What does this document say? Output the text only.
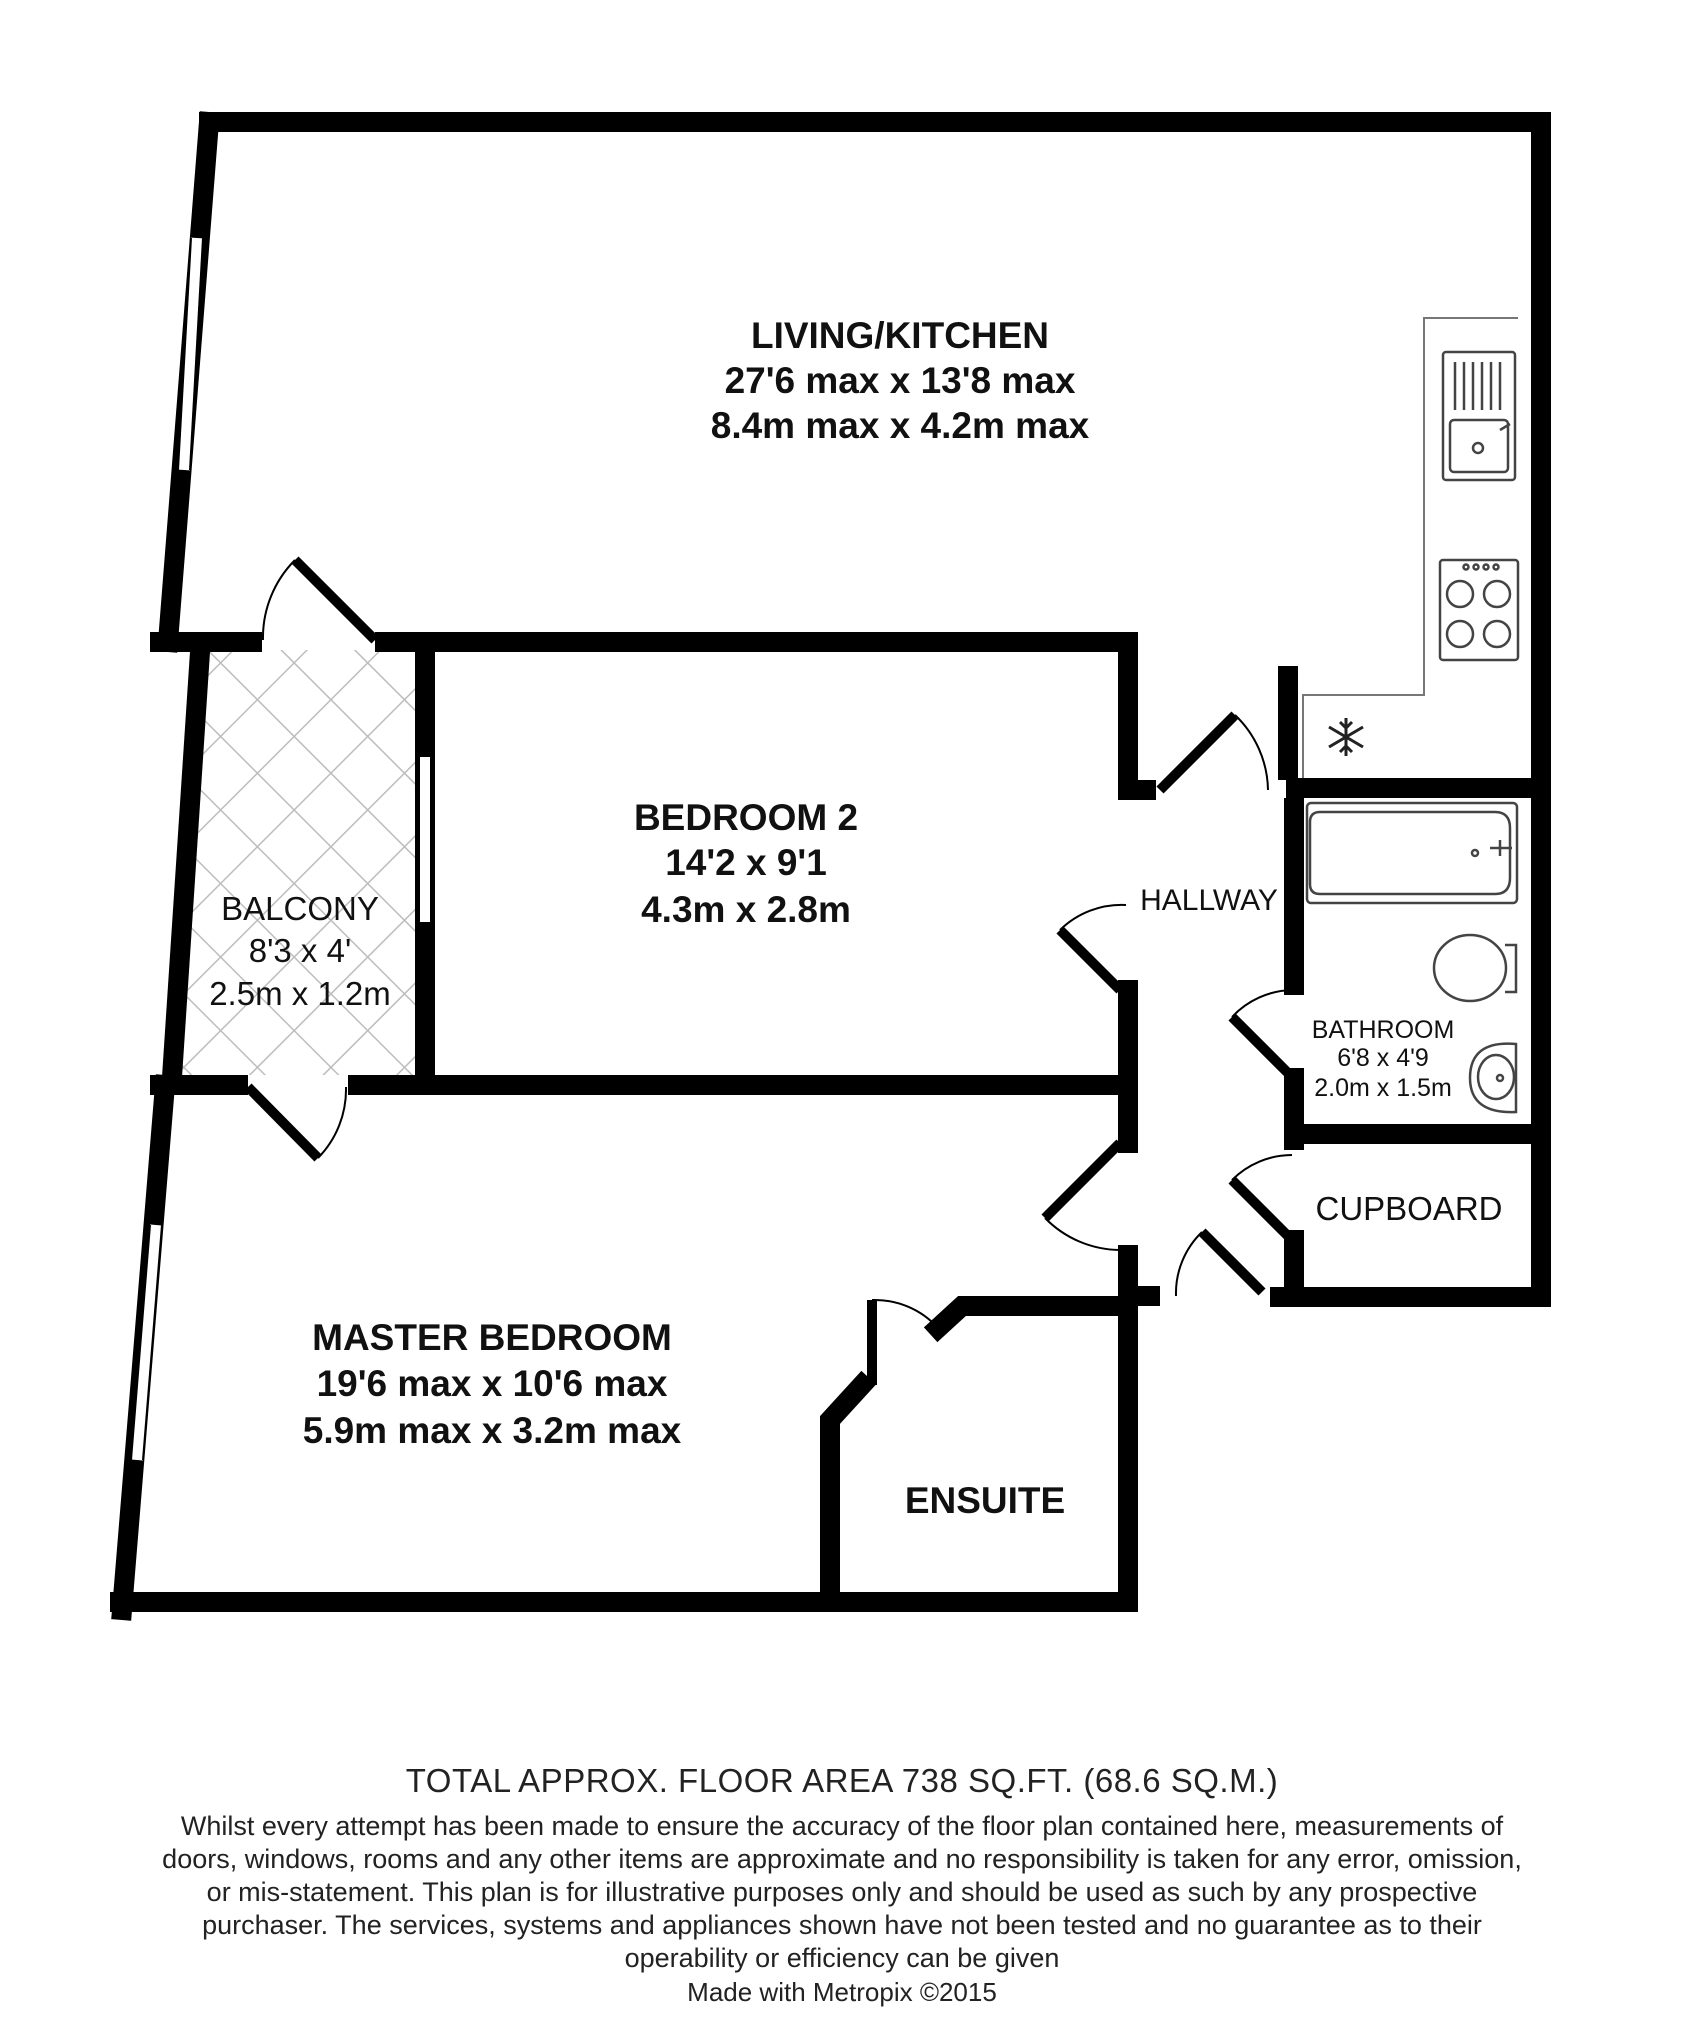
LIVING/KITCHEN
27'6 max x 13'8 max
8.4m max x 4.2m max
BEDROOM 2
14'2 x 9'1
4.3m x 2.8m
BALCONY
8'3 x 4'
2.5m x 1.2m
HALLWAY
BATHROOM
6'8 x 4'9
2.0m x 1.5m
CUPBOARD
MASTER BEDROOM
19'6 max x 10'6 max
5.9m max x 3.2m max
ENSUITE
TOTAL APPROX. FLOOR AREA 738 SQ.FT. (68.6 SQ.M.)
Whilst every attempt has been made to ensure the accuracy of the floor plan contained here, measurements of doors, windows, rooms and any other items are approximate and no responsibility is taken for any error, omission, or mis-statement. This plan is for illustrative purposes only and should be used as such by any prospective purchaser. The services, systems and appliances shown have not been tested and no guarantee as to their operability or efficiency can be given
Made with Metropix ©2015
